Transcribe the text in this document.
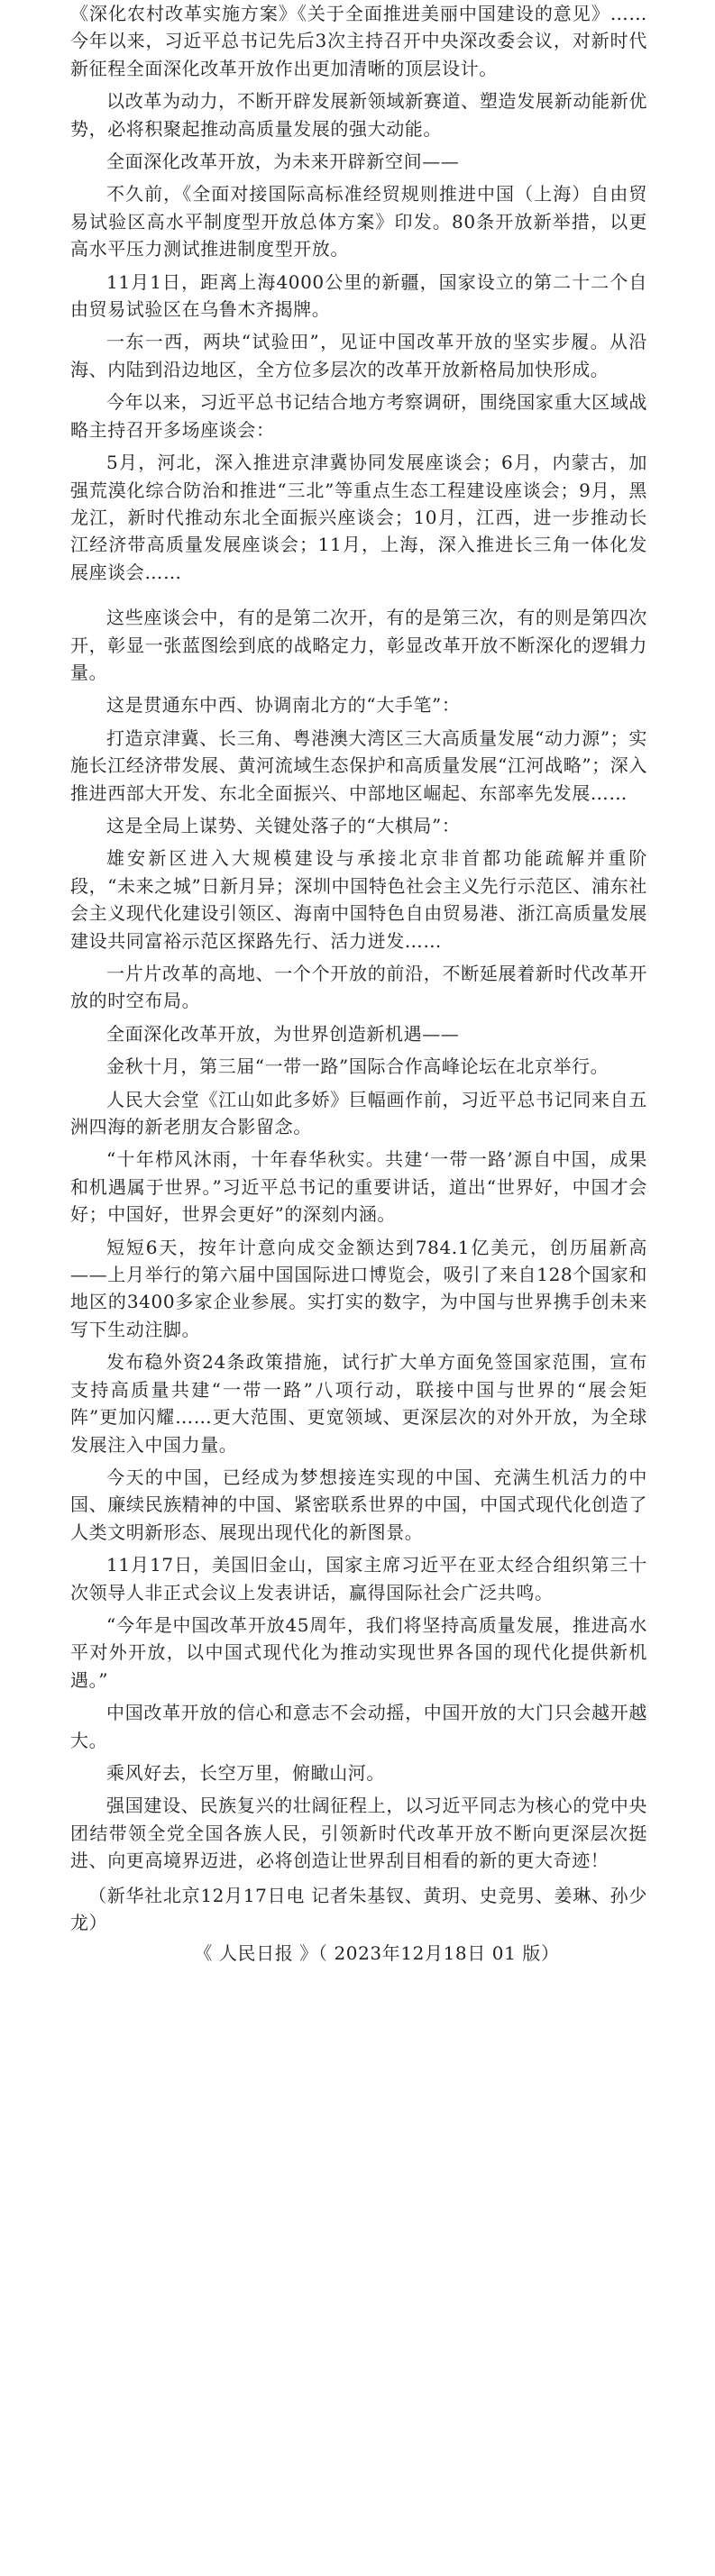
《深化农村改革实施方案》《关于全面推进美丽中国建设的意见》……今年以来，习近平总书记先后3次主持召开中央深改委会议，对新时代新征程全面深化改革开放作出更加清晰的顶层设计。

以改革为动力，不断开辟发展新领域新赛道、塑造发展新动能新优势，必将积聚起推动高质量发展的强大动能。

全面深化改革开放，为未来开辟新空间——

不久前，《全面对接国际高标准经贸规则推进中国（上海）自由贸易试验区高水平制度型开放总体方案》印发。80条开放新举措，以更高水平压力测试推进制度型开放。

11月1日，距离上海4000公里的新疆，国家设立的第二十二个自由贸易试验区在乌鲁木齐揭牌。

一东一西，两块“试验田”，见证中国改革开放的坚实步履。从沿海、内陆到沿边地区，全方位多层次的改革开放新格局加快形成。

今年以来，习近平总书记结合地方考察调研，围绕国家重大区域战略主持召开多场座谈会：

5月，河北，深入推进京津冀协同发展座谈会；6月，内蒙古，加强荒漠化综合防治和推进“三北”等重点生态工程建设座谈会；9月，黑龙江，新时代推动东北全面振兴座谈会；10月，江西，进一步推动长江经济带高质量发展座谈会；11月，上海，深入推进长三角一体化发展座谈会……

这些座谈会中，有的是第二次开，有的是第三次，有的则是第四次开，彰显一张蓝图绘到底的战略定力，彰显改革开放不断深化的逻辑力量。

这是贯通东中西、协调南北方的“大手笔”：

打造京津冀、长三角、粤港澳大湾区三大高质量发展“动力源”；实施长江经济带发展、黄河流域生态保护和高质量发展“江河战略”；深入推进西部大开发、东北全面振兴、中部地区崛起、东部率先发展……

这是全局上谋势、关键处落子的“大棋局”：

雄安新区进入大规模建设与承接北京非首都功能疏解并重阶段，“未来之城”日新月异；深圳中国特色社会主义先行示范区、浦东社会主义现代化建设引领区、海南中国特色自由贸易港、浙江高质量发展建设共同富裕示范区探路先行、活力迸发……

一片片改革的高地、一个个开放的前沿，不断延展着新时代改革开放的时空布局。

全面深化改革开放，为世界创造新机遇——

金秋十月，第三届“一带一路”国际合作高峰论坛在北京举行。

人民大会堂《江山如此多娇》巨幅画作前，习近平总书记同来自五洲四海的新老朋友合影留念。

“十年栉风沐雨，十年春华秋实。共建‘一带一路’源自中国，成果和机遇属于世界。”习近平总书记的重要讲话，道出“世界好，中国才会好；中国好，世界会更好”的深刻内涵。

短短6天，按年计意向成交金额达到784.1亿美元，创历届新高——上月举行的第六届中国国际进口博览会，吸引了来自128个国家和地区的3400多家企业参展。实打实的数字，为中国与世界携手创未来写下生动注脚。

发布稳外资24条政策措施，试行扩大单方面免签国家范围，宣布支持高质量共建“一带一路”八项行动，联接中国与世界的“展会矩阵”更加闪耀……更大范围、更宽领域、更深层次的对外开放，为全球发展注入中国力量。

今天的中国，已经成为梦想接连实现的中国、充满生机活力的中国、廉续民族精神的中国、紧密联系世界的中国，中国式现代化创造了人类文明新形态、展现出现代化的新图景。

11月17日，美国旧金山，国家主席习近平在亚太经合组织第三十次领导人非正式会议上发表讲话，赢得国际社会广泛共鸣。

“今年是中国改革开放45周年，我们将坚持高质量发展，推进高水平对外开放，以中国式现代化为推动实现世界各国的现代化提供新机遇。”

中国改革开放的信心和意志不会动摇，中国开放的大门只会越开越大。

乘风好去，长空万里，俯瞰山河。

强国建设、民族复兴的壮阔征程上，以习近平同志为核心的党中央团结带领全党全国各族人民，引领新时代改革开放不断向更深层次挺进、向更高境界迈进，必将创造让世界刮目相看的新的更大奇迹！

（新华社北京12月17日电 记者朱基钗、黄玥、史竞男、姜琳、孙少龙）

《 人民日报 》（ 2023年12月18日 01 版）
